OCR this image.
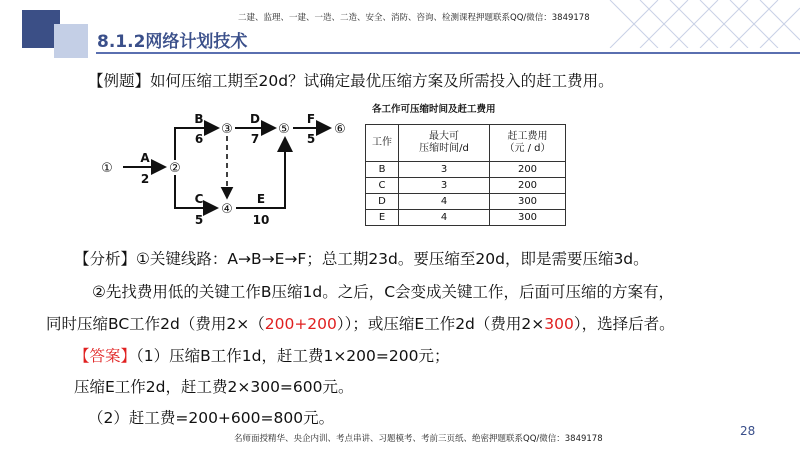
8.1.2网络计划技术
二建、监理、一建、一造、二造、安全、消防、咨询、检测课程押题联系QQ/微信：3849178
【例题】如何压缩工期至20d？试确定最优压缩方案及所需投入的赶工费用。
①	②
③
④
⑤	⑥
A
2
B
6
C
5
D
7
E
10
F
5
各工作可压缩时间及赶工费用
工作	最大可
压缩时间/d	赶工费用
（元 / d）
B	3	200
C	3	200
D	4	300
E	4	300
【分析】①关键线路：A→B→E→F；总工期23d。要压缩至20d，即是需要压缩3d。
②先找费用低的关键工作B压缩1d。之后，C会变成关键工作，后面可压缩的方案有，
同时压缩BC工作2d（费用2×（200+200））；或压缩E工作2d（费用2×300），选择后者。
【答案】（1）压缩B工作1d，赶工费1×200=200元；
压缩E工作2d，赶工费2×300=600元。
（2）赶工费=200+600=800元。
28
名师面授精华、央企内训、考点串讲、习题模考、考前三页纸、绝密押题联系QQ/微信：3849178
